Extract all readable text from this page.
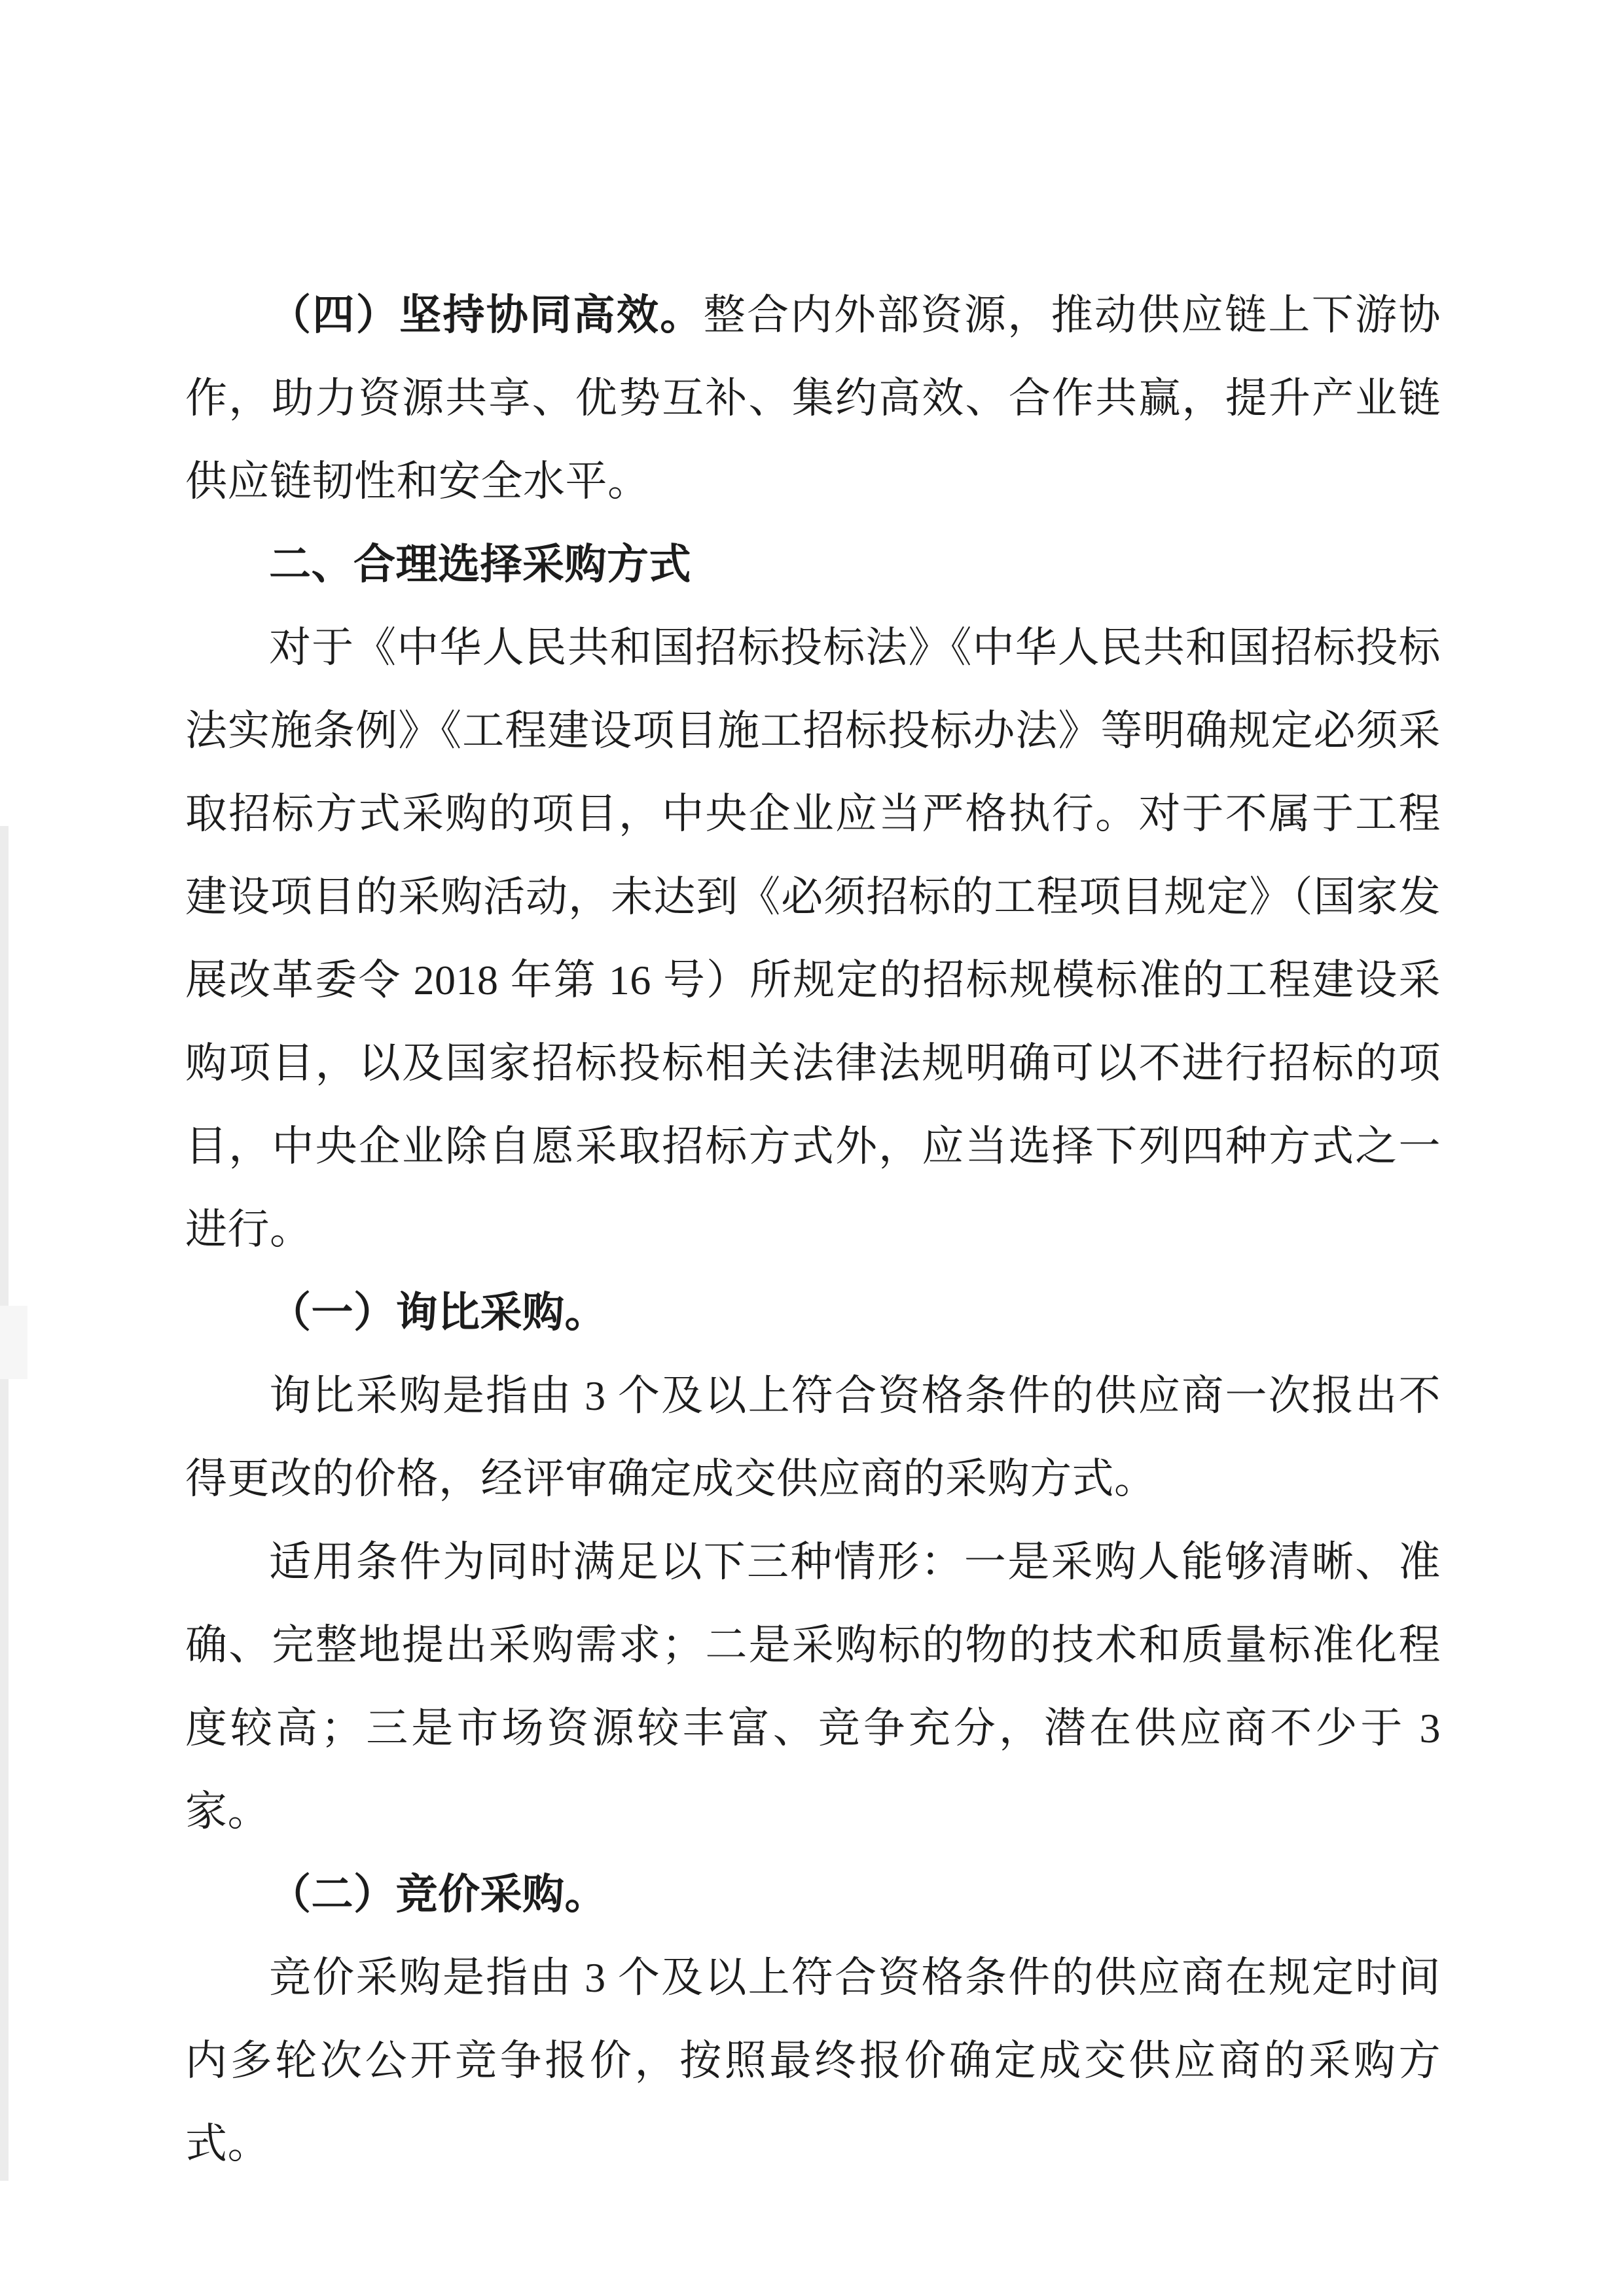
（四）坚持协同高效。整合内外部资源，推动供应链上下游协作，助力资源共享、优势互补、集约高效、合作共赢，提升产业链供应链韧性和安全水平。

二、合理选择采购方式

对于《中华人民共和国招标投标法》《中华人民共和国招标投标法实施条例》《工程建设项目施工招标投标办法》等明确规定必须采取招标方式采购的项目，中央企业应当严格执行。对于不属于工程建设项目的采购活动，未达到《必须招标的工程项目规定》（国家发展改革委令 2018 年第 16 号）所规定的招标规模标准的工程建设采购项目，以及国家招标投标相关法律法规明确可以不进行招标的项目，中央企业除自愿采取招标方式外，应当选择下列四种方式之一进行。

（一）询比采购。

询比采购是指由 3 个及以上符合资格条件的供应商一次报出不得更改的价格，经评审确定成交供应商的采购方式。

适用条件为同时满足以下三种情形：一是采购人能够清晰、准确、完整地提出采购需求；二是采购标的物的技术和质量标准化程度较高；三是市场资源较丰富、竞争充分，潜在供应商不少于 3 家。

（二）竞价采购。

竞价采购是指由 3 个及以上符合资格条件的供应商在规定时间内多轮次公开竞争报价，按照最终报价确定成交供应商的采购方式。
